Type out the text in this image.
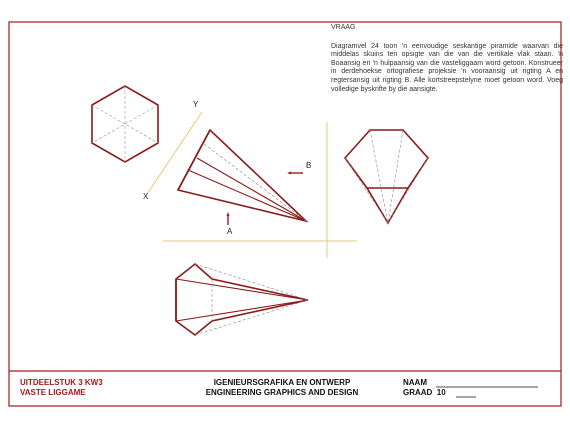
Y
X
A
B
VRAAG
Diagramvel 24 toon 'n eenvoudige seskantige piramide waarvan die middelas skuins ten opsigte van die van die vertikale vlak staan. 'n Boaansig en 'n hulpaansig van die vasteliggaam word getoon. Konstrueer in derdehoekse ortografiese projeksie 'n vooraansig uit rigting A en regtersansig uit rigting B. Alle kortstreepstelyne moet getoon word. Voeg volledige byskrifte by die aansigte.
UITDEELSTUK 3 KW3
VASTE LIGGAME
IGENIEURSGRAFIKA EN ONTWERP
ENGINEERING GRAPHICS AND DESIGN
NAAM
GRAAD 10
